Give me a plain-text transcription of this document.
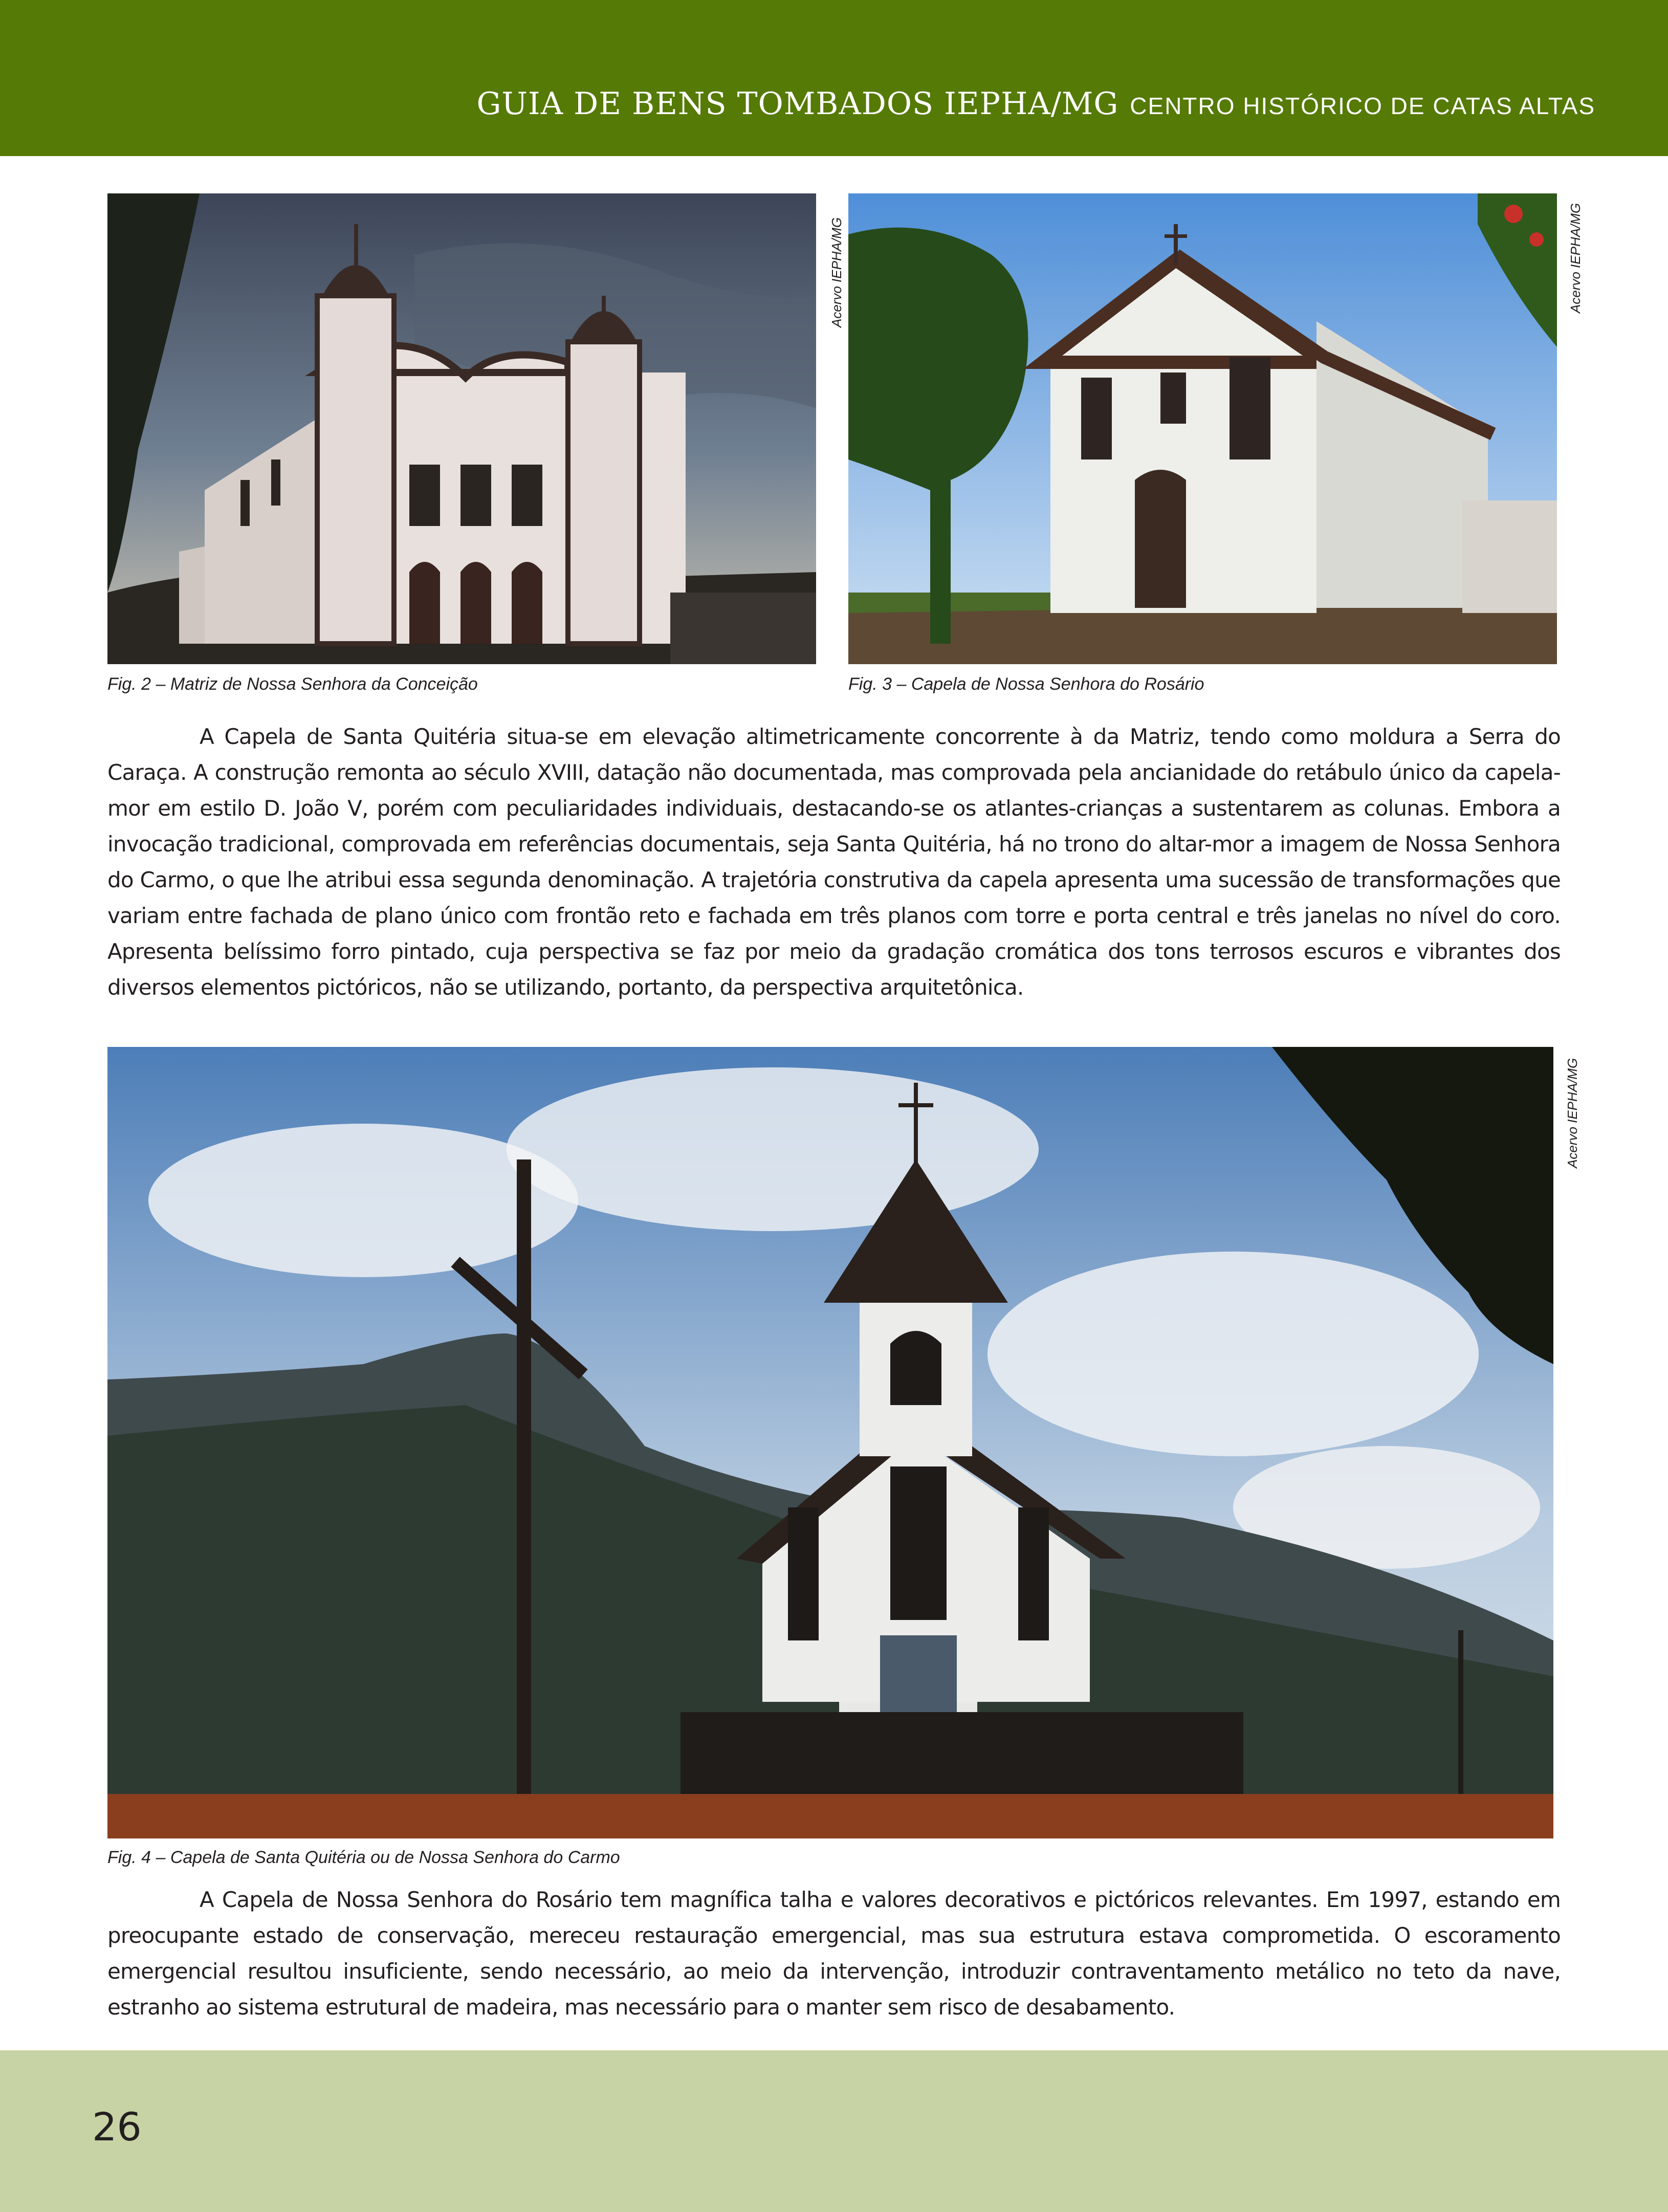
GUIA DE BENS TOMBADOS IEPHA/MG CENTRO HISTÓRICO DE CATAS ALTAS
Acervo IEPHA/MG
Fig. 2 – Matriz de Nossa Senhora da Conceição
Acervo IEPHA/MG
Fig. 3 – Capela de Nossa Senhora do Rosário

A Capela de Santa Quitéria situa-se em elevação altimetricamente concorrente à da Matriz, tendo como moldura a Serra do Caraça. A construção remonta ao século XVIII, datação não documentada, mas comprovada pela ancianidade do retábulo único da capela-mor em estilo D. João V, porém com peculiaridades individuais, destacando-se os atlantes-crianças a sustentarem as colunas. Embora a invocação tradicional, comprovada em referências documentais, seja Santa Quitéria, há no trono do altar-mor a imagem de Nossa Senhora do Carmo, o que lhe atribui essa segunda denominação. A trajetória construtiva da capela apresenta uma sucessão de transformações que variam entre fachada de plano único com frontão reto e fachada em três planos com torre e porta central e três janelas no nível do coro. Apresenta belíssimo forro pintado, cuja perspectiva se faz por meio da gradação cromática dos tons terrosos escuros e vibrantes dos diversos elementos pictóricos, não se utilizando, portanto, da perspectiva arquitetônica.

Acervo IEPHA/MG
Fig. 4 – Capela de Santa Quitéria ou de Nossa Senhora do Carmo

A Capela de Nossa Senhora do Rosário tem magnífica talha e valores decorativos e pictóricos relevantes. Em 1997, estando em preocupante estado de conservação, mereceu restauração emergencial, mas sua estrutura estava comprometida. O escoramento emergencial resultou insuficiente, sendo necessário, ao meio da intervenção, introduzir contraventamento metálico no teto da nave, estranho ao sistema estrutural de madeira, mas necessário para o manter sem risco de desabamento.

26
